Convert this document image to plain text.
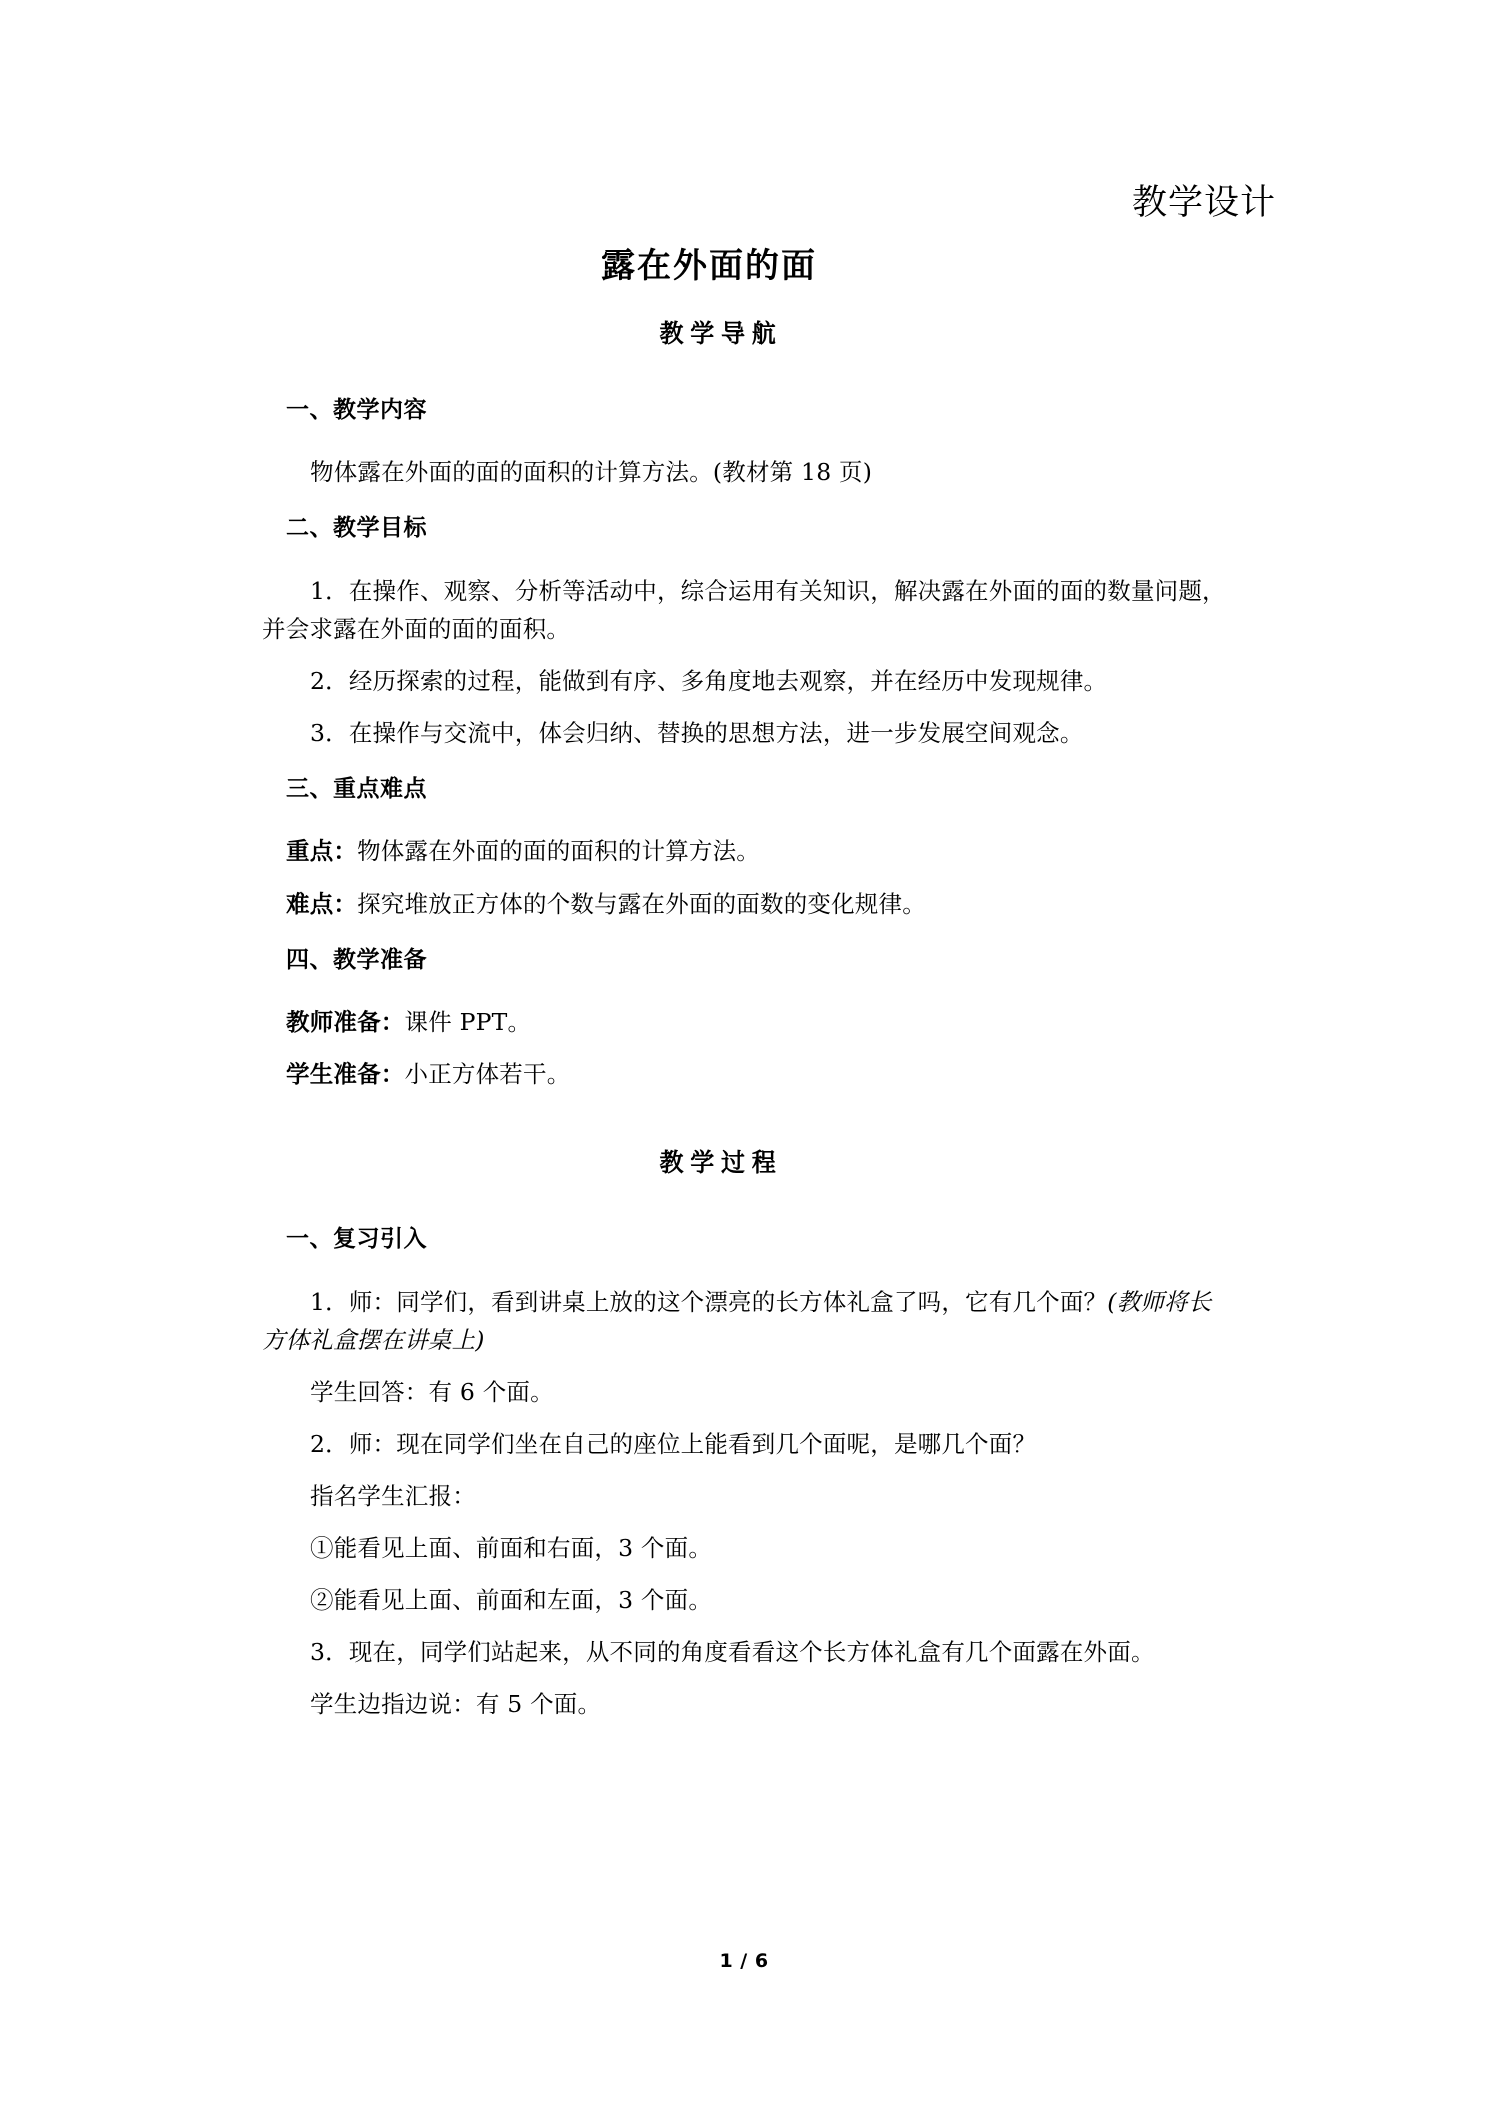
教学设计
露在外面的面
教学导航
一、教学内容

物体露在外面的面的面积的计算方法。(教材第 18 页)

二、教学目标

1．在操作、观察、分析等活动中，综合运用有关知识，解决露在外面的面的数量问题，

并会求露在外面的面的面积。

2．经历探索的过程，能做到有序、多角度地去观察，并在经历中发现规律。

3．在操作与交流中，体会归纳、替换的思想方法，进一步发展空间观念。

三、重点难点

重点：物体露在外面的面的面积的计算方法。

难点：探究堆放正方体的个数与露在外面的面数的变化规律。

四、教学准备

教师准备：课件 PPT。

学生准备：小正方体若干。

教学过程
一、复习引入

1．师：同学们，看到讲桌上放的这个漂亮的长方体礼盒了吗，它有几个面？(教师将长

方体礼盒摆在讲桌上)

学生回答：有 6 个面。

2．师：现在同学们坐在自己的座位上能看到几个面呢，是哪几个面？

指名学生汇报：

①能看见上面、前面和右面，3 个面。

②能看见上面、前面和左面，3 个面。

3．现在，同学们站起来，从不同的角度看看这个长方体礼盒有几个面露在外面。

学生边指边说：有 5 个面。

1 / 6
